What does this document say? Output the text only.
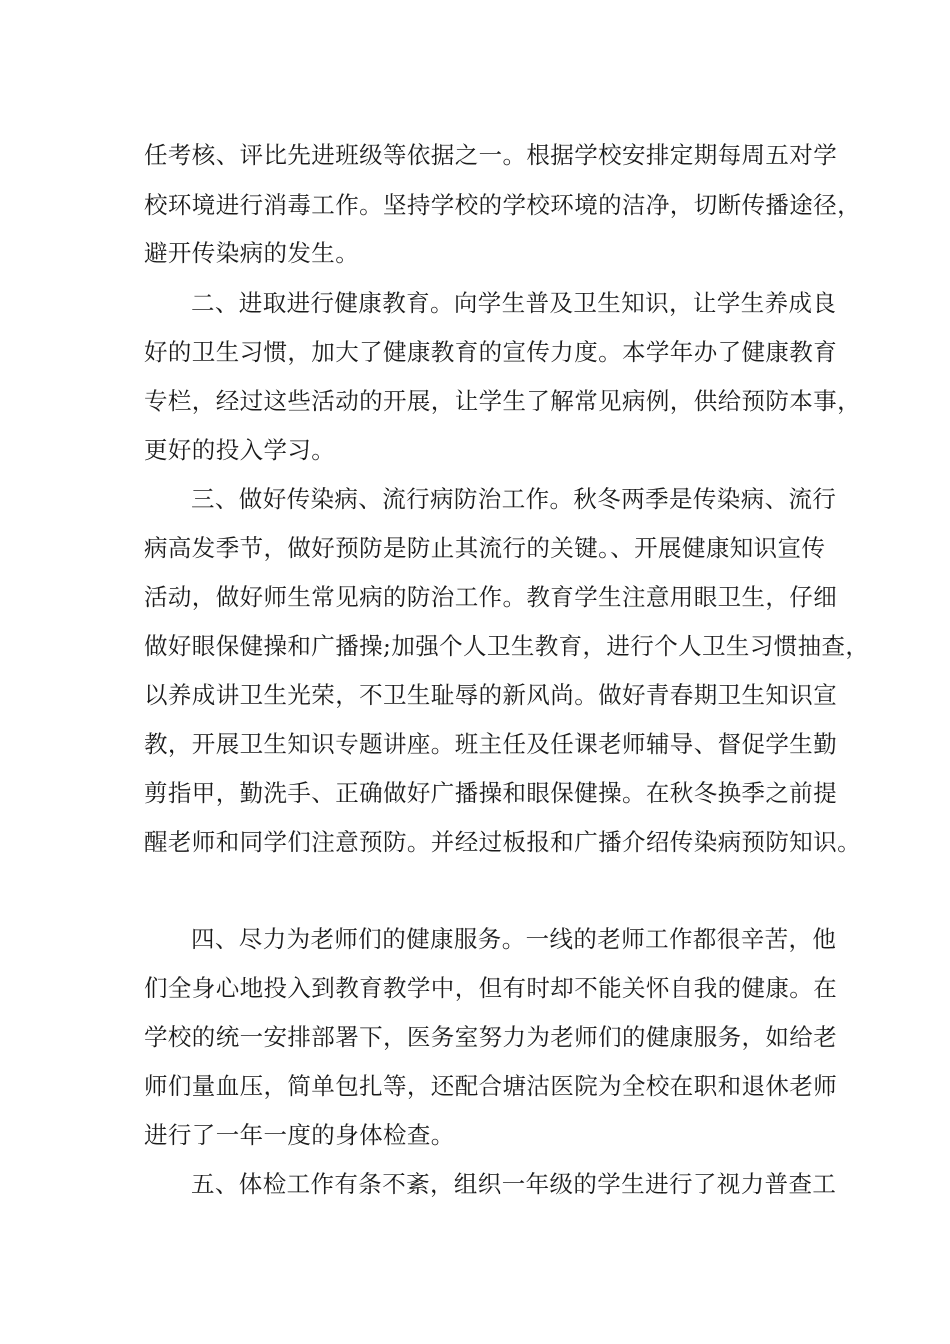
任考核、评比先进班级等依据之一。根据学校安排定期每周五对学
校环境进行消毒工作。坚持学校的学校环境的洁净，切断传播途径，
避开传染病的发生。
二、进取进行健康教育。向学生普及卫生知识，让学生养成良
好的卫生习惯，加大了健康教育的宣传力度。本学年办了健康教育
专栏，经过这些活动的开展，让学生了解常见病例，供给预防本事，
更好的投入学习。
三、做好传染病、流行病防治工作。秋冬两季是传染病、流行
病高发季节，做好预防是防止其流行的关键。、开展健康知识宣传
活动，做好师生常见病的防治工作。教育学生注意用眼卫生，仔细
做好眼保健操和广播操;加强个人卫生教育，进行个人卫生习惯抽查，
以养成讲卫生光荣，不卫生耻辱的新风尚。做好青春期卫生知识宣
教，开展卫生知识专题讲座。班主任及任课老师辅导、督促学生勤
剪指甲，勤洗手、正确做好广播操和眼保健操。在秋冬换季之前提
醒老师和同学们注意预防。并经过板报和广播介绍传染病预防知识。
四、尽力为老师们的健康服务。一线的老师工作都很辛苦，他
们全身心地投入到教育教学中，但有时却不能关怀自我的健康。在
学校的统一安排部署下，医务室努力为老师们的健康服务，如给老
师们量血压，简单包扎等，还配合塘沽医院为全校在职和退休老师
进行了一年一度的身体检查。
五、体检工作有条不紊，组织一年级的学生进行了视力普查工
